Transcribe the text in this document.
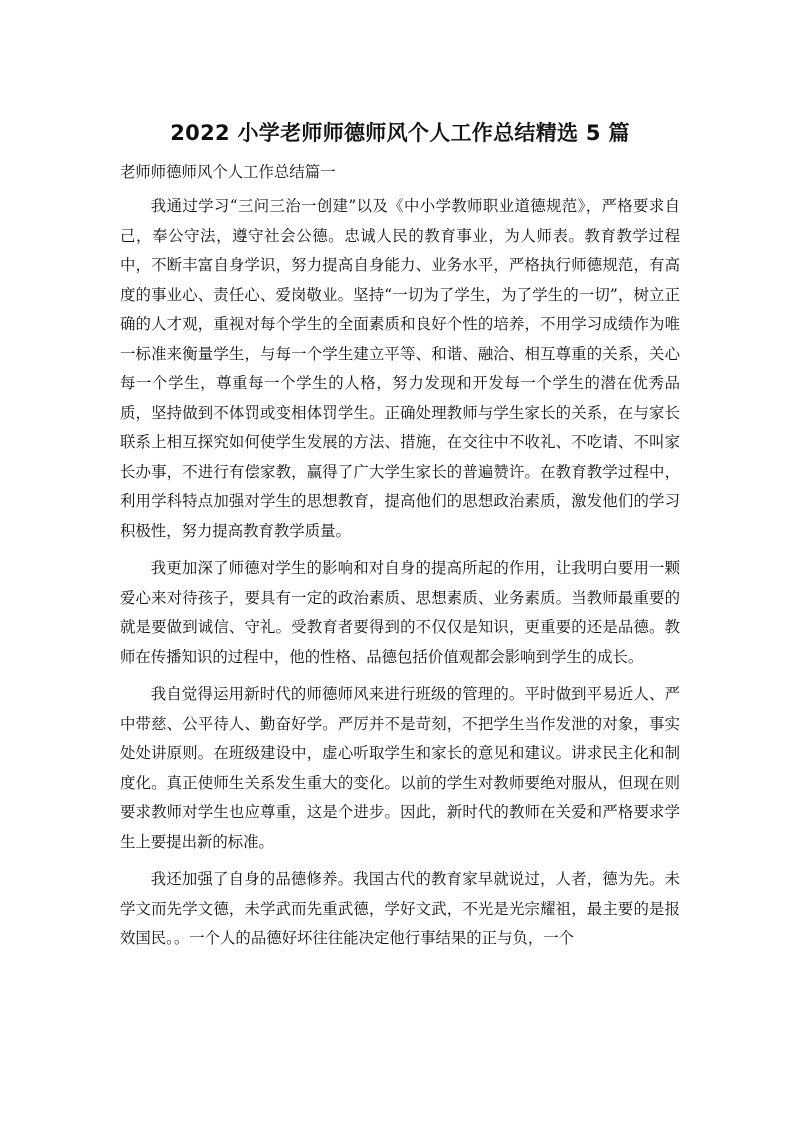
2022 小学老师师德师风个人工作总结精选 5 篇

老师师德师风个人工作总结篇一

我通过学习“三问三治一创建”以及《中小学教师职业道德规范》，严格要求自己，奉公守法，遵守社会公德。忠诚人民的教育事业，为人师表。教育教学过程中，不断丰富自身学识，努力提高自身能力、业务水平，严格执行师德规范，有高度的事业心、责任心、爱岗敬业。坚持“一切为了学生，为了学生的一切”，树立正确的人才观，重视对每个学生的全面素质和良好个性的培养，不用学习成绩作为唯一标准来衡量学生，与每一个学生建立平等、和谐、融洽、相互尊重的关系，关心每一个学生，尊重每一个学生的人格，努力发现和开发每一个学生的潜在优秀品质，坚持做到不体罚或变相体罚学生。正确处理教师与学生家长的关系，在与家长联系上相互探究如何使学生发展的方法、措施，在交往中不收礼、不吃请、不叫家长办事，不进行有偿家教，赢得了广大学生家长的普遍赞许。在教育教学过程中，利用学科特点加强对学生的思想教育，提高他们的思想政治素质，激发他们的学习积极性，努力提高教育教学质量。

我更加深了师德对学生的影响和对自身的提高所起的作用，让我明白要用一颗爱心来对待孩子，要具有一定的政治素质、思想素质、业务素质。当教师最重要的就是要做到诚信、守礼。受教育者要得到的不仅仅是知识，更重要的还是品德。教师在传播知识的过程中，他的性格、品德包括价值观都会影响到学生的成长。

我自觉得运用新时代的师德师风来进行班级的管理的。平时做到平易近人、严中带慈、公平待人、勤奋好学。严厉并不是苛刻，不把学生当作发泄的对象，事实处处讲原则。在班级建设中，虚心听取学生和家长的意见和建议。讲求民主化和制度化。真正使师生关系发生重大的变化。以前的学生对教师要绝对服从，但现在则要求教师对学生也应尊重，这是个进步。因此，新时代的教师在关爱和严格要求学生上要提出新的标准。

我还加强了自身的品德修养。我国古代的教育家早就说过，人者，德为先。未学文而先学文德，未学武而先重武德，学好文武，不光是光宗耀祖，最主要的是报效国民。。一个人的品德好坏往往能决定他行事结果的正与负，一个
